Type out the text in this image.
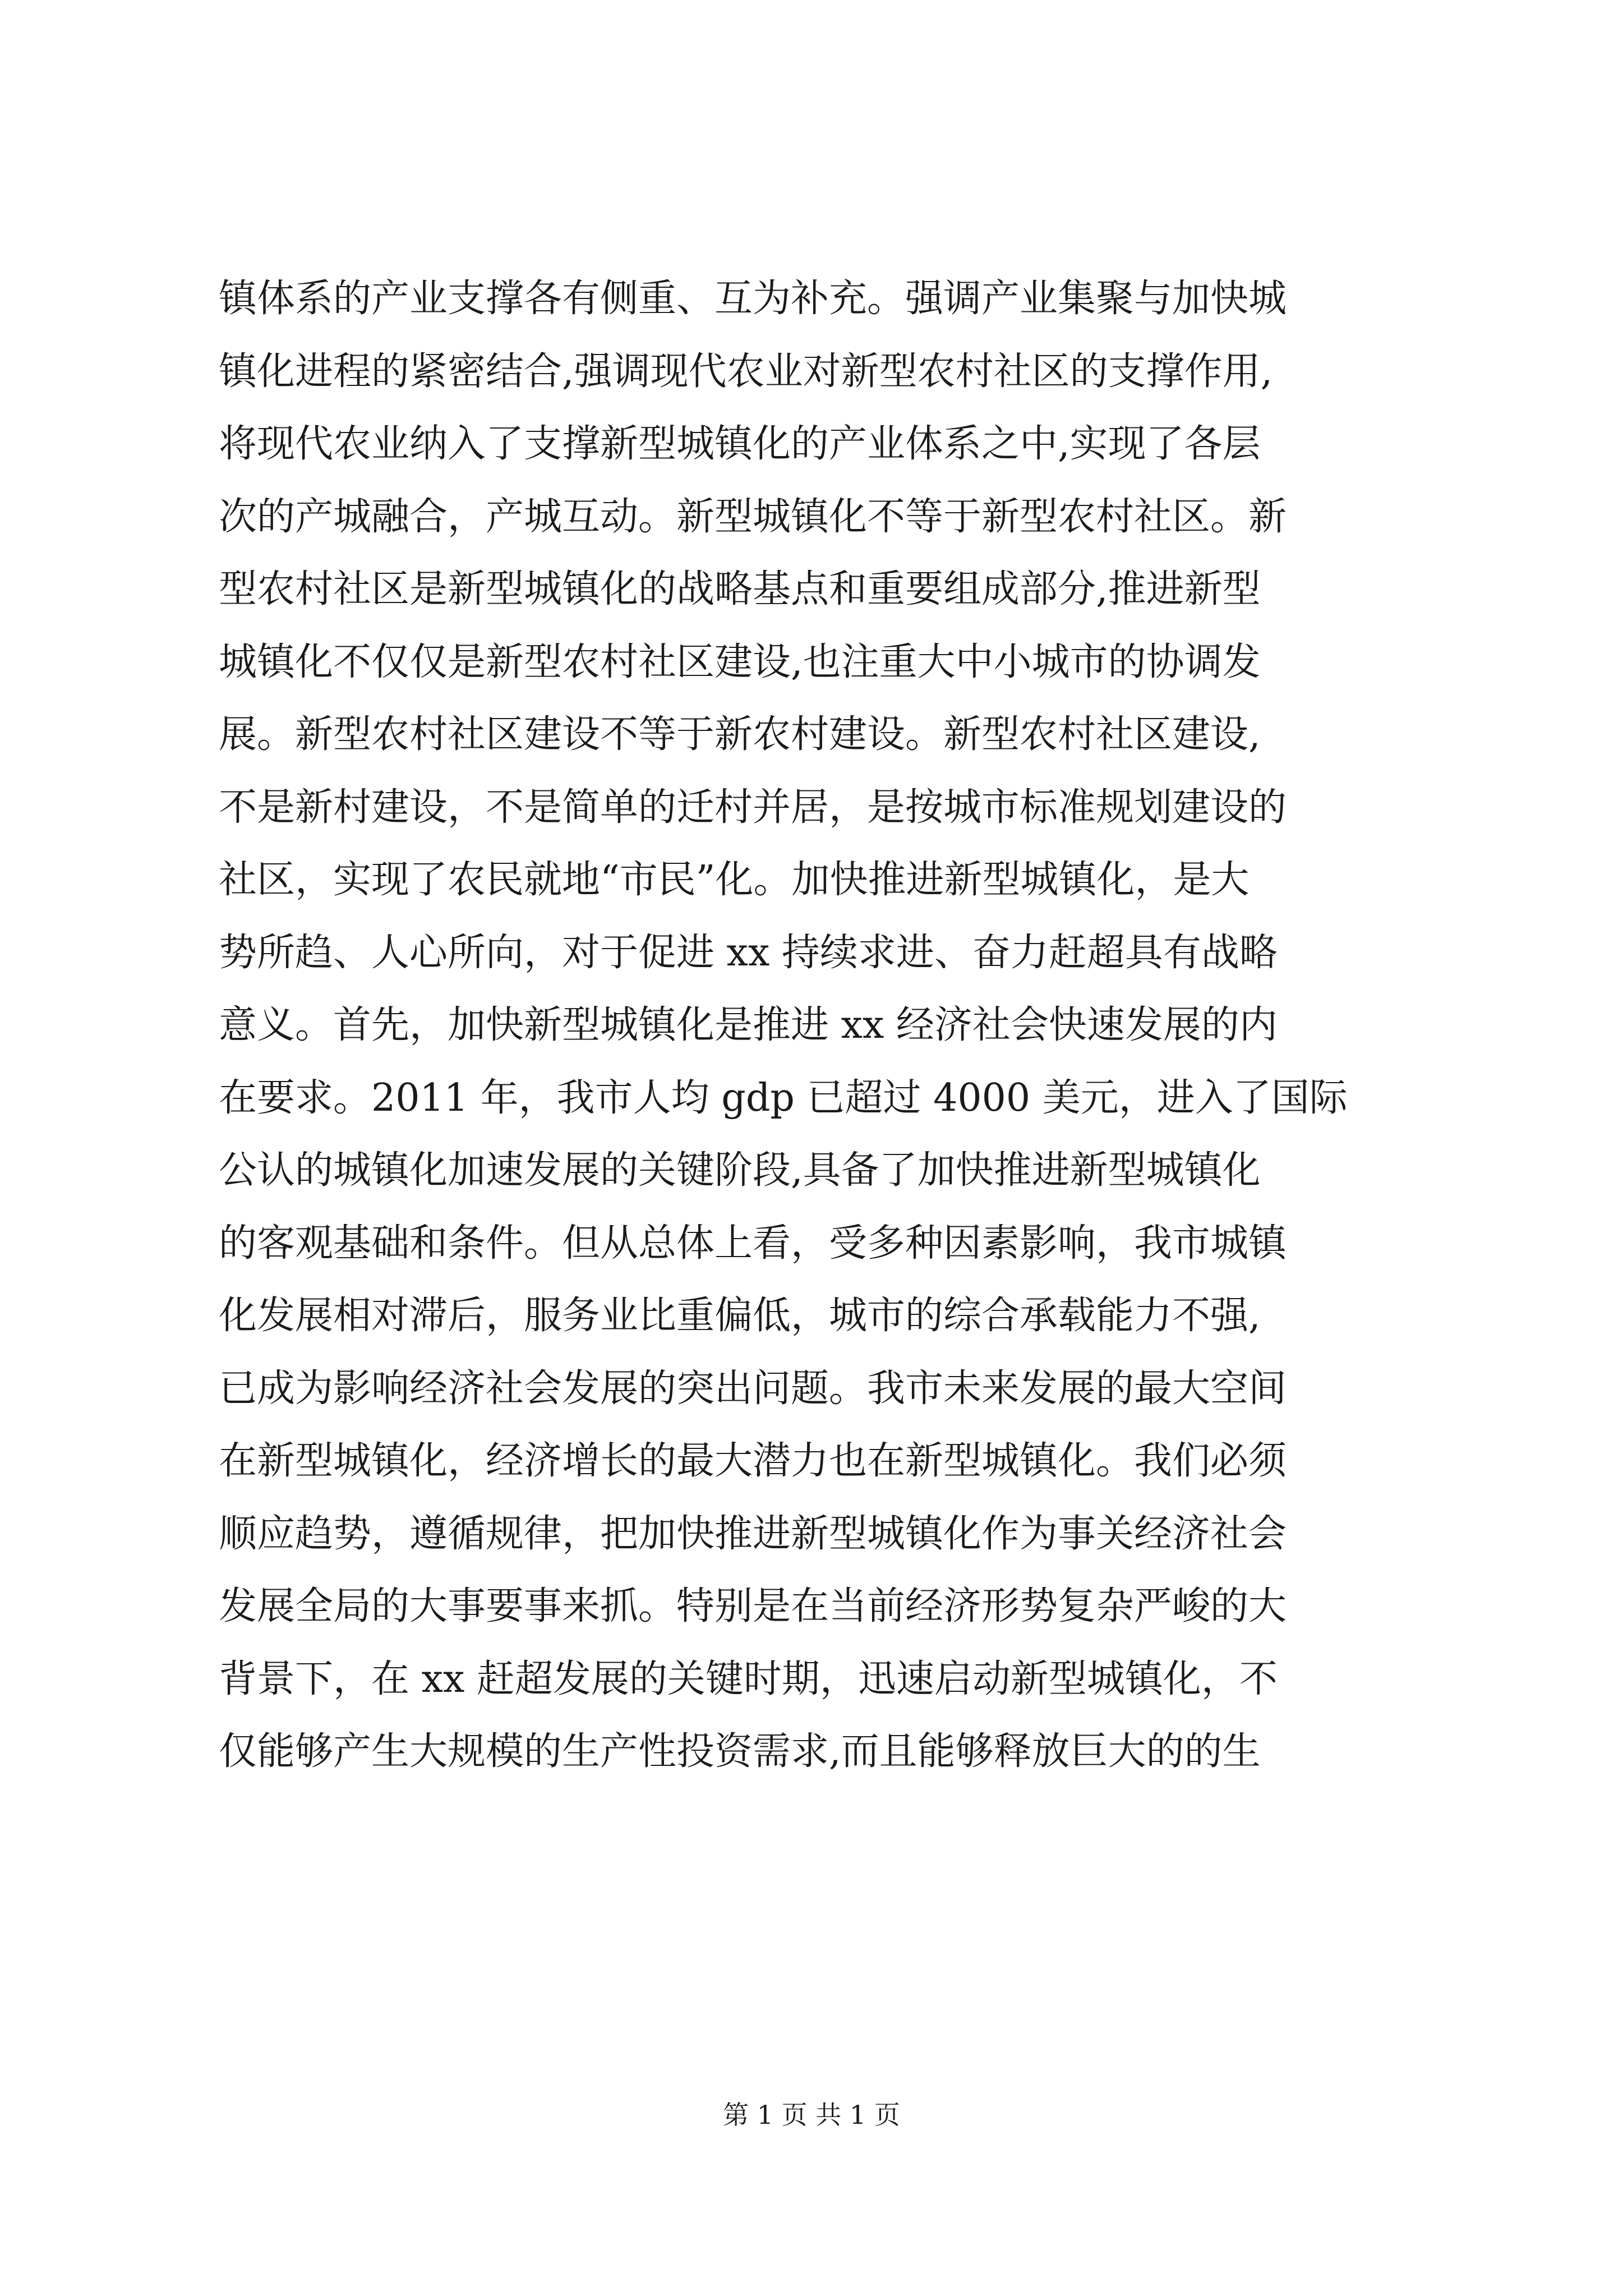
镇体系的产业支撑各有侧重、互为补充。强调产业集聚与加快城
镇化进程的紧密结合,强调现代农业对新型农村社区的支撑作用,
将现代农业纳入了支撑新型城镇化的产业体系之中,实现了各层
次的产城融合，产城互动。新型城镇化不等于新型农村社区。新
型农村社区是新型城镇化的战略基点和重要组成部分,推进新型
城镇化不仅仅是新型农村社区建设,也注重大中小城市的协调发
展。新型农村社区建设不等于新农村建设。新型农村社区建设,
不是新村建设，不是简单的迁村并居，是按城市标准规划建设的
社区，实现了农民就地“市民”化。加快推进新型城镇化，是大
势所趋、人心所向，对于促进 xx 持续求进、奋力赶超具有战略
意义。首先，加快新型城镇化是推进 xx 经济社会快速发展的内
在要求。2011 年，我市人均 gdp 已超过 4000 美元，进入了国际
公认的城镇化加速发展的关键阶段,具备了加快推进新型城镇化
的客观基础和条件。但从总体上看，受多种因素影响，我市城镇
化发展相对滞后，服务业比重偏低，城市的综合承载能力不强,
已成为影响经济社会发展的突出问题。我市未来发展的最大空间
在新型城镇化，经济增长的最大潜力也在新型城镇化。我们必须
顺应趋势，遵循规律，把加快推进新型城镇化作为事关经济社会
发展全局的大事要事来抓。特别是在当前经济形势复杂严峻的大
背景下，在 xx 赶超发展的关键时期，迅速启动新型城镇化，不
仅能够产生大规模的生产性投资需求,而且能够释放巨大的的生
第 1 页 共 1 页
